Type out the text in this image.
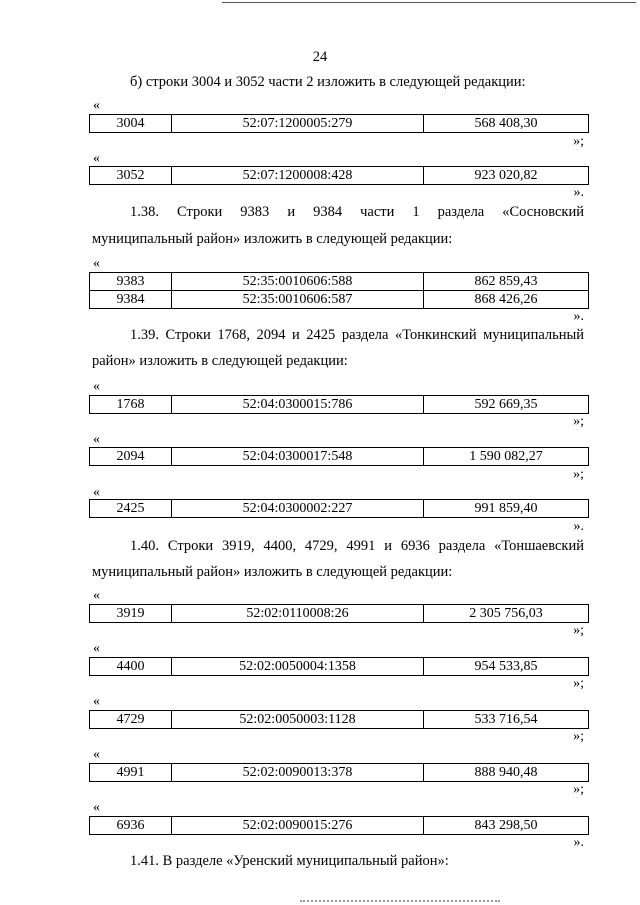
24
б) строки 3004 и 3052 части 2 изложить в следующей редакции:
«
3004	52:07:1200005:279	568 408,30
»;
«
3052	52:07:1200008:428	923 020,82
».
1.38. Строки 9383 и 9384 части 1 раздела «Сосновский
муниципальный район» изложить в следующей редакции:
«
9383	52:35:0010606:588	862 859,43
9384	52:35:0010606:587	868 426,26
».
1.39. Строки 1768, 2094 и 2425 раздела «Тонкинский муниципальный
район» изложить в следующей редакции:
«
1768	52:04:0300015:786	592 669,35
»;
«
2094	52:04:0300017:548	1 590 082,27
»;
«
2425	52:04:0300002:227	991 859,40
».
1.40. Строки 3919, 4400, 4729, 4991 и 6936 раздела «Тоншаевский
муниципальный район» изложить в следующей редакции:
«
3919	52:02:0110008:26	2 305 756,03
»;
«
4400	52:02:0050004:1358	954 533,85
»;
«
4729	52:02:0050003:1128	533 716,54
»;
«
4991	52:02:0090013:378	888 940,48
»;
«
6936	52:02:0090015:276	843 298,50
».
1.41. В разделе «Уренский муниципальный район»:
